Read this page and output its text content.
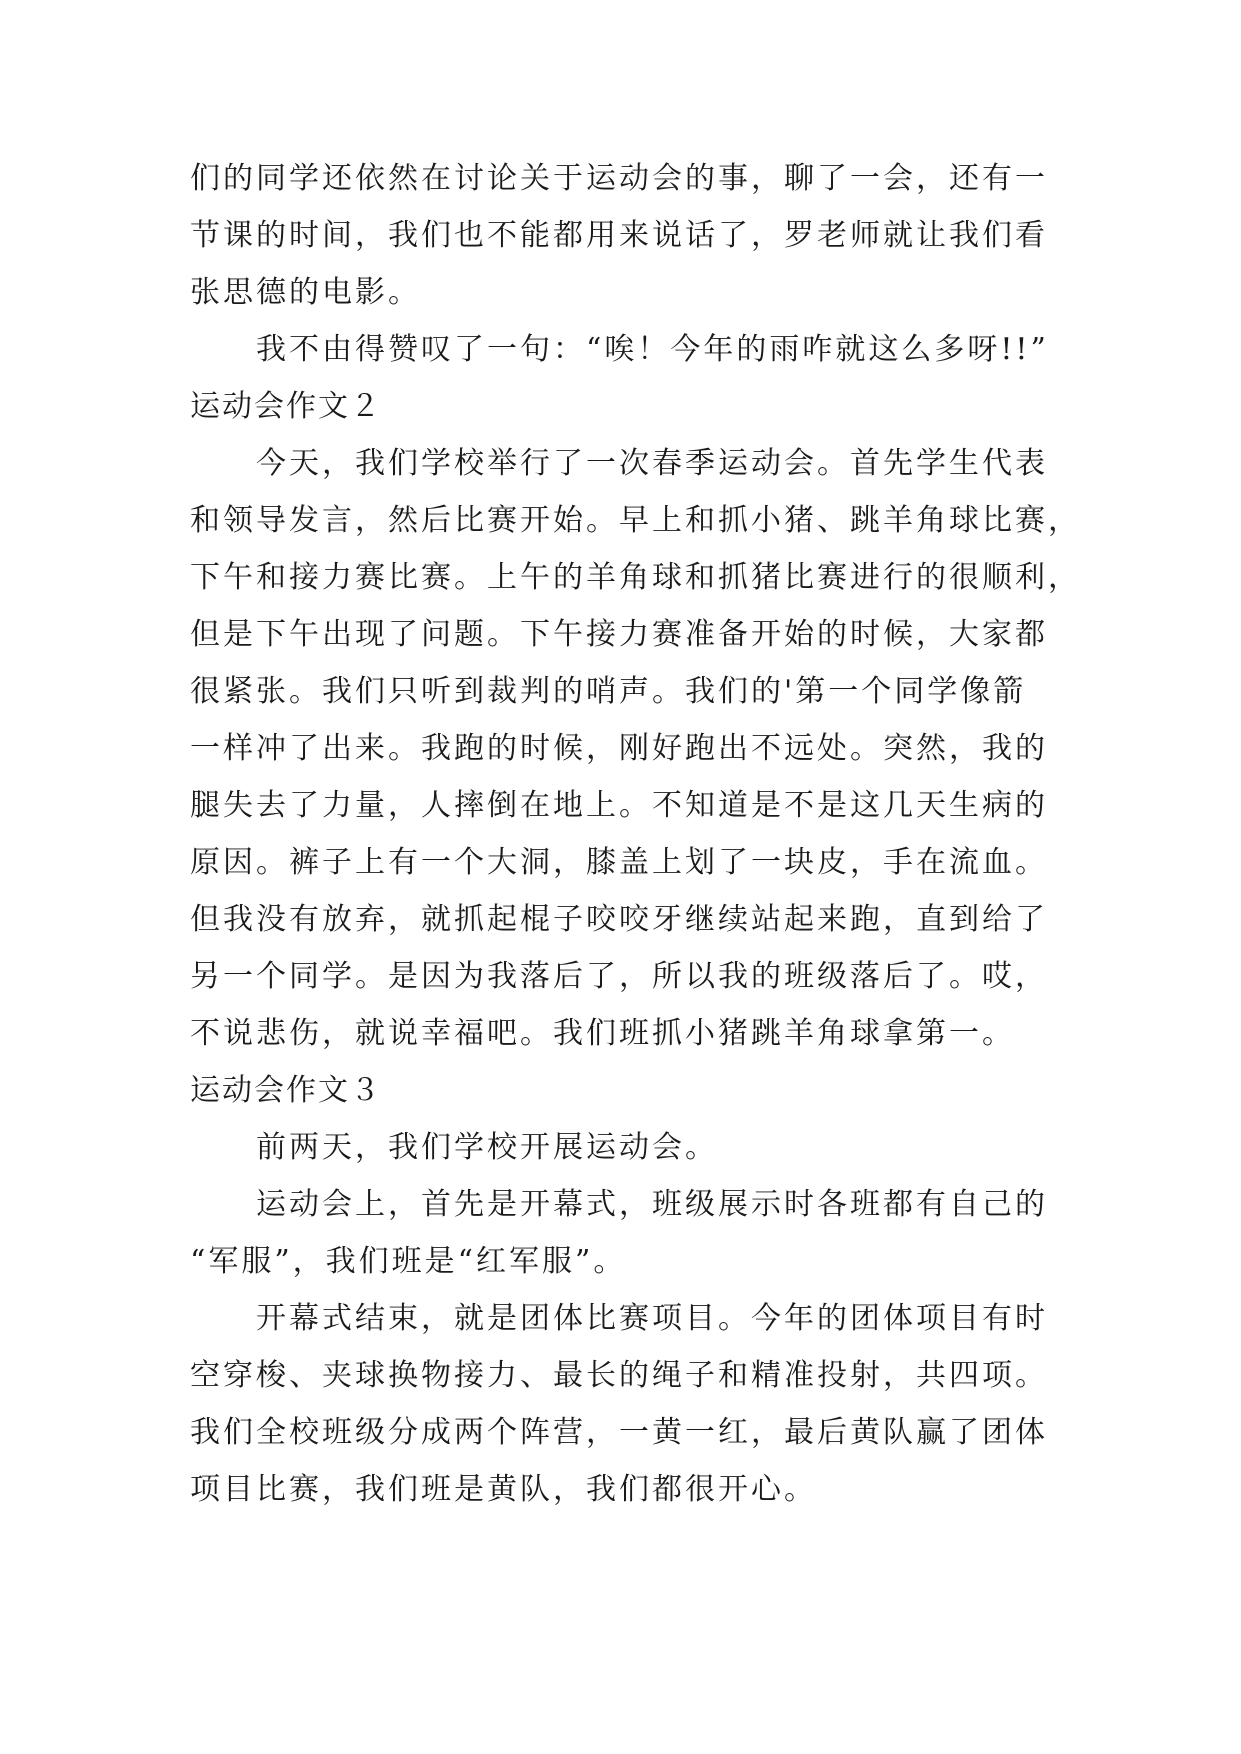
们的同学还依然在讨论关于运动会的事，聊了一会，还有一
节课的时间，我们也不能都用来说话了，罗老师就让我们看
张思德的电影。
我不由得赞叹了一句：“唉！今年的雨咋就这么多呀!!”
运动会作文２
今天，我们学校举行了一次春季运动会。首先学生代表
和领导发言，然后比赛开始。早上和抓小猪、跳羊角球比赛，
下午和接力赛比赛。上午的羊角球和抓猪比赛进行的很顺利，
但是下午出现了问题。下午接力赛准备开始的时候，大家都
很紧张。我们只听到裁判的哨声。我们的'第一个同学像箭
一样冲了出来。我跑的时候，刚好跑出不远处。突然，我的
腿失去了力量，人摔倒在地上。不知道是不是这几天生病的
原因。裤子上有一个大洞，膝盖上划了一块皮，手在流血。
但我没有放弃，就抓起棍子咬咬牙继续站起来跑，直到给了
另一个同学。是因为我落后了，所以我的班级落后了。哎，
不说悲伤，就说幸福吧。我们班抓小猪跳羊角球拿第一。
运动会作文３
前两天，我们学校开展运动会。
运动会上，首先是开幕式，班级展示时各班都有自己的
“军服”，我们班是“红军服”。
开幕式结束，就是团体比赛项目。今年的团体项目有时
空穿梭、夹球换物接力、最长的绳子和精准投射，共四项。
我们全校班级分成两个阵营，一黄一红，最后黄队赢了团体
项目比赛，我们班是黄队，我们都很开心。
